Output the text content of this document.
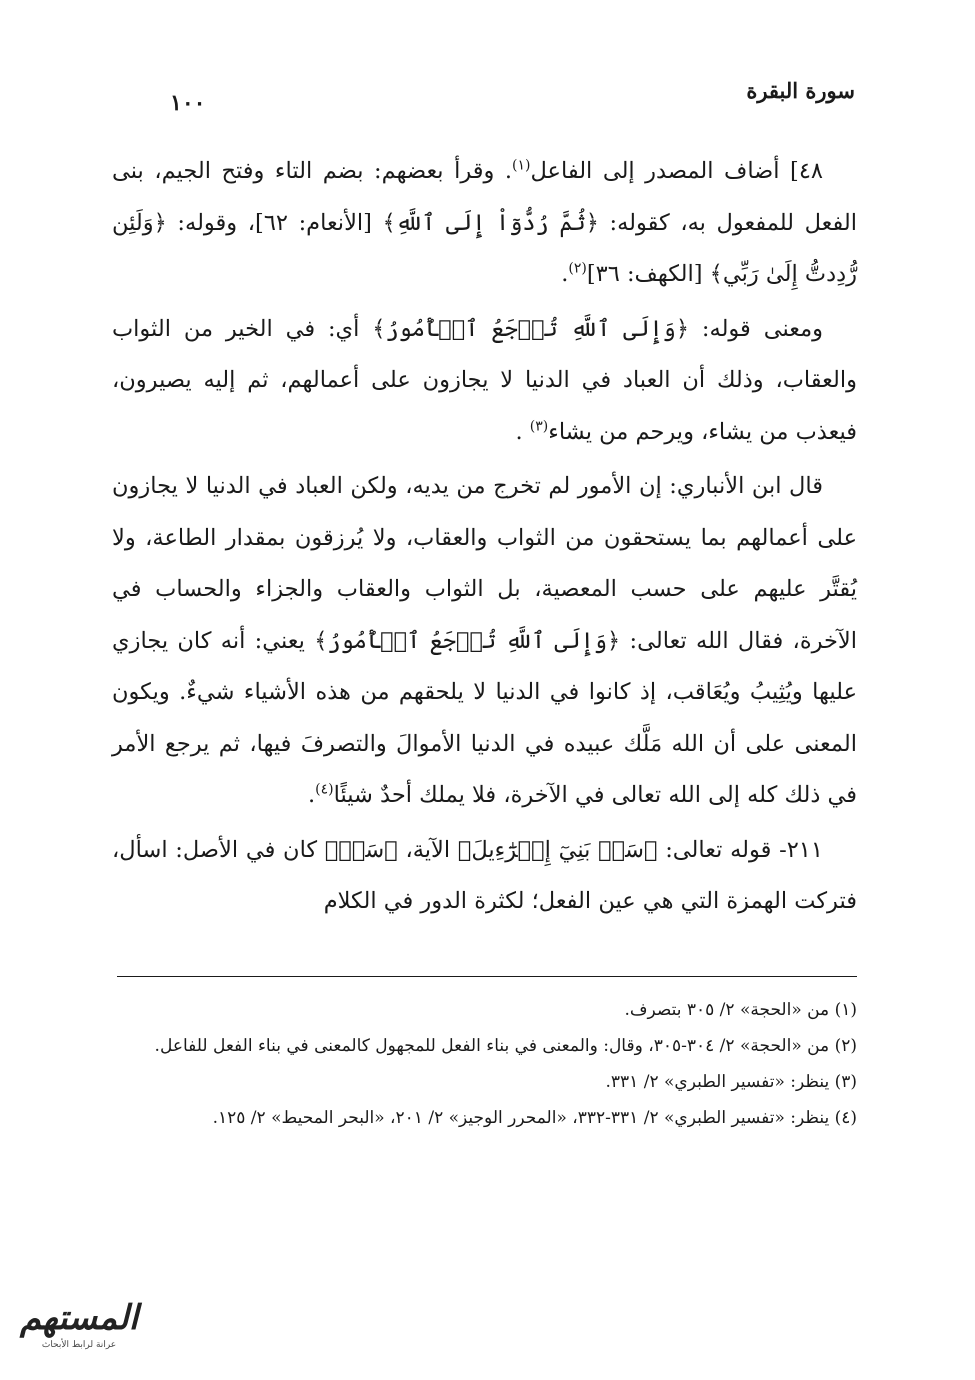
سورة البقرة
١٠٠

٤٨] أضاف المصدر إلى الفاعل$^{(١)}$. وقرأ بعضهم: بضم التاء وفتح الجيم، بنى الفعل للمفعول به، كقوله: ﴿ثُمَّ رُدُّوٓاْ إِلَى ٱللَّهِ﴾ [الأنعام: ٦٢]، وقوله: ﴿وَلَئِن رُّدِدتُّ إِلَىٰ رَبِّي﴾ [الكهف: ٣٦]$^{(٢)}$.

ومعنى قوله: ﴿وَإِلَى ٱللَّهِ تُرۡجَعُ ٱلۡأُمُورُ﴾ أي: في الخير من الثواب والعقاب، وذلك أن العباد في الدنيا لا يجازون على أعمالهم، ثم إليه يصيرون، فيعذب من يشاء، ويرحم من يشاء$^{(٣)}$ .

قال ابن الأنباري: إن الأمور لم تخرج من يديه، ولكن العباد في الدنيا لا يجازون على أعمالهم بما يستحقون من الثواب والعقاب، ولا يُرزقون بمقدار الطاعة، ولا يُقتَّر عليهم على حسب المعصية، بل الثواب والعقاب والجزاء والحساب في الآخرة، فقال الله تعالى: ﴿وَإِلَى ٱللَّهِ تُرۡجَعُ ٱلۡأُمُورُ﴾ يعني: أنه كان يجازي عليها ويُثِيبُ ويُعَاقب، إذ كانوا في الدنيا لا يلحقهم من هذه الأشياء شيءٌ. ويكون المعنى على أن الله مَلَّك عبيده في الدنيا الأموالَ والتصرفَ فيها، ثم يرجع الأمر في ذلك كله إلى الله تعالى في الآخرة، فلا يملك أحدٌ شيئًا$^{(٤)}$.

٢١١- قوله تعالى: ﴿سَلۡ بَنِيٓ إِسۡرَٰٓءِيلَ﴾ الآية، ﴿سَلۡ﴾ كان في الأصل: اسأل، فتركت الهمزة التي هي عين الفعل؛ لكثرة الدور في الكلام

(١) من «الحجة» ٢/ ٣٠٥ بتصرف.

(٢) من «الحجة» ٢/ ٣٠٤-٣٠٥، وقال: والمعنى في بناء الفعل للمجهول كالمعنى في بناء الفعل للفاعل.

(٣) ينظر: «تفسير الطبري» ٢/ ٣٣١.

(٤) ينظر: «تفسير الطبري» ٢/ ٣٣١-٣٣٢، «المحرر الوجيز» ٢/ ٢٠١، «البحر المحيط» ٢/ ١٢٥.

المستهم
عرانة لرابط الأبحاث
